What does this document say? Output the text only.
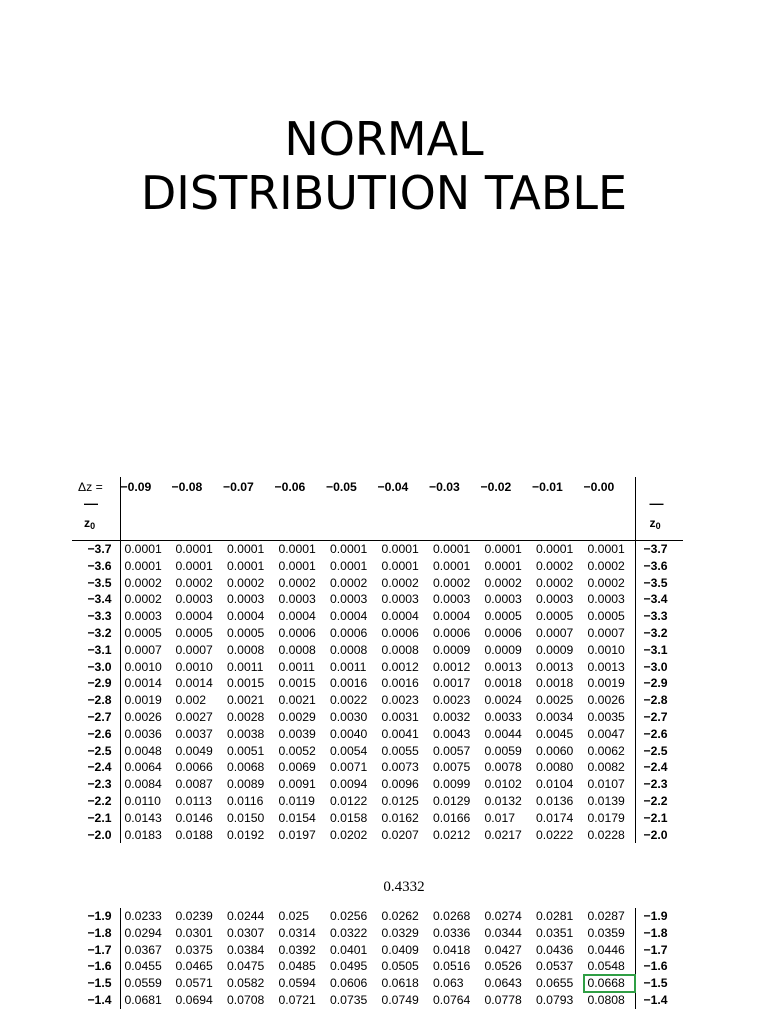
NORMAL
DISTRIBUTION TABLE
Δz =	−0.09	−0.08	−0.07	−0.06	−0.05	−0.04	−0.03	−0.02	−0.01	−0.00	

—
z0											—
z0
−3.7	0.0001	0.0001	0.0001	0.0001	0.0001	0.0001	0.0001	0.0001	0.0001	0.0001	−3.7
−3.6	0.0001	0.0001	0.0001	0.0001	0.0001	0.0001	0.0001	0.0001	0.0002	0.0002	−3.6
−3.5	0.0002	0.0002	0.0002	0.0002	0.0002	0.0002	0.0002	0.0002	0.0002	0.0002	−3.5
−3.4	0.0002	0.0003	0.0003	0.0003	0.0003	0.0003	0.0003	0.0003	0.0003	0.0003	−3.4
−3.3	0.0003	0.0004	0.0004	0.0004	0.0004	0.0004	0.0004	0.0005	0.0005	0.0005	−3.3
−3.2	0.0005	0.0005	0.0005	0.0006	0.0006	0.0006	0.0006	0.0006	0.0007	0.0007	−3.2
−3.1	0.0007	0.0007	0.0008	0.0008	0.0008	0.0008	0.0009	0.0009	0.0009	0.0010	−3.1
−3.0	0.0010	0.0010	0.0011	0.0011	0.0011	0.0012	0.0012	0.0013	0.0013	0.0013	−3.0
−2.9	0.0014	0.0014	0.0015	0.0015	0.0016	0.0016	0.0017	0.0018	0.0018	0.0019	−2.9
−2.8	0.0019	0.002	0.0021	0.0021	0.0022	0.0023	0.0023	0.0024	0.0025	0.0026	−2.8
−2.7	0.0026	0.0027	0.0028	0.0029	0.0030	0.0031	0.0032	0.0033	0.0034	0.0035	−2.7
−2.6	0.0036	0.0037	0.0038	0.0039	0.0040	0.0041	0.0043	0.0044	0.0045	0.0047	−2.6
−2.5	0.0048	0.0049	0.0051	0.0052	0.0054	0.0055	0.0057	0.0059	0.0060	0.0062	−2.5
−2.4	0.0064	0.0066	0.0068	0.0069	0.0071	0.0073	0.0075	0.0078	0.0080	0.0082	−2.4
−2.3	0.0084	0.0087	0.0089	0.0091	0.0094	0.0096	0.0099	0.0102	0.0104	0.0107	−2.3
−2.2	0.0110	0.0113	0.0116	0.0119	0.0122	0.0125	0.0129	0.0132	0.0136	0.0139	−2.2
−2.1	0.0143	0.0146	0.0150	0.0154	0.0158	0.0162	0.0166	0.017	0.0174	0.0179	−2.1
−2.0	0.0183	0.0188	0.0192	0.0197	0.0202	0.0207	0.0212	0.0217	0.0222	0.0228	−2.0
0.4332
−1.9	0.0233	0.0239	0.0244	0.025	0.0256	0.0262	0.0268	0.0274	0.0281	0.0287	−1.9
−1.8	0.0294	0.0301	0.0307	0.0314	0.0322	0.0329	0.0336	0.0344	0.0351	0.0359	−1.8
−1.7	0.0367	0.0375	0.0384	0.0392	0.0401	0.0409	0.0418	0.0427	0.0436	0.0446	−1.7
−1.6	0.0455	0.0465	0.0475	0.0485	0.0495	0.0505	0.0516	0.0526	0.0537	0.0548	−1.6
−1.5	0.0559	0.0571	0.0582	0.0594	0.0606	0.0618	0.063	0.0643	0.0655	0.0668	−1.5
−1.4	0.0681	0.0694	0.0708	0.0721	0.0735	0.0749	0.0764	0.0778	0.0793	0.0808	−1.4
